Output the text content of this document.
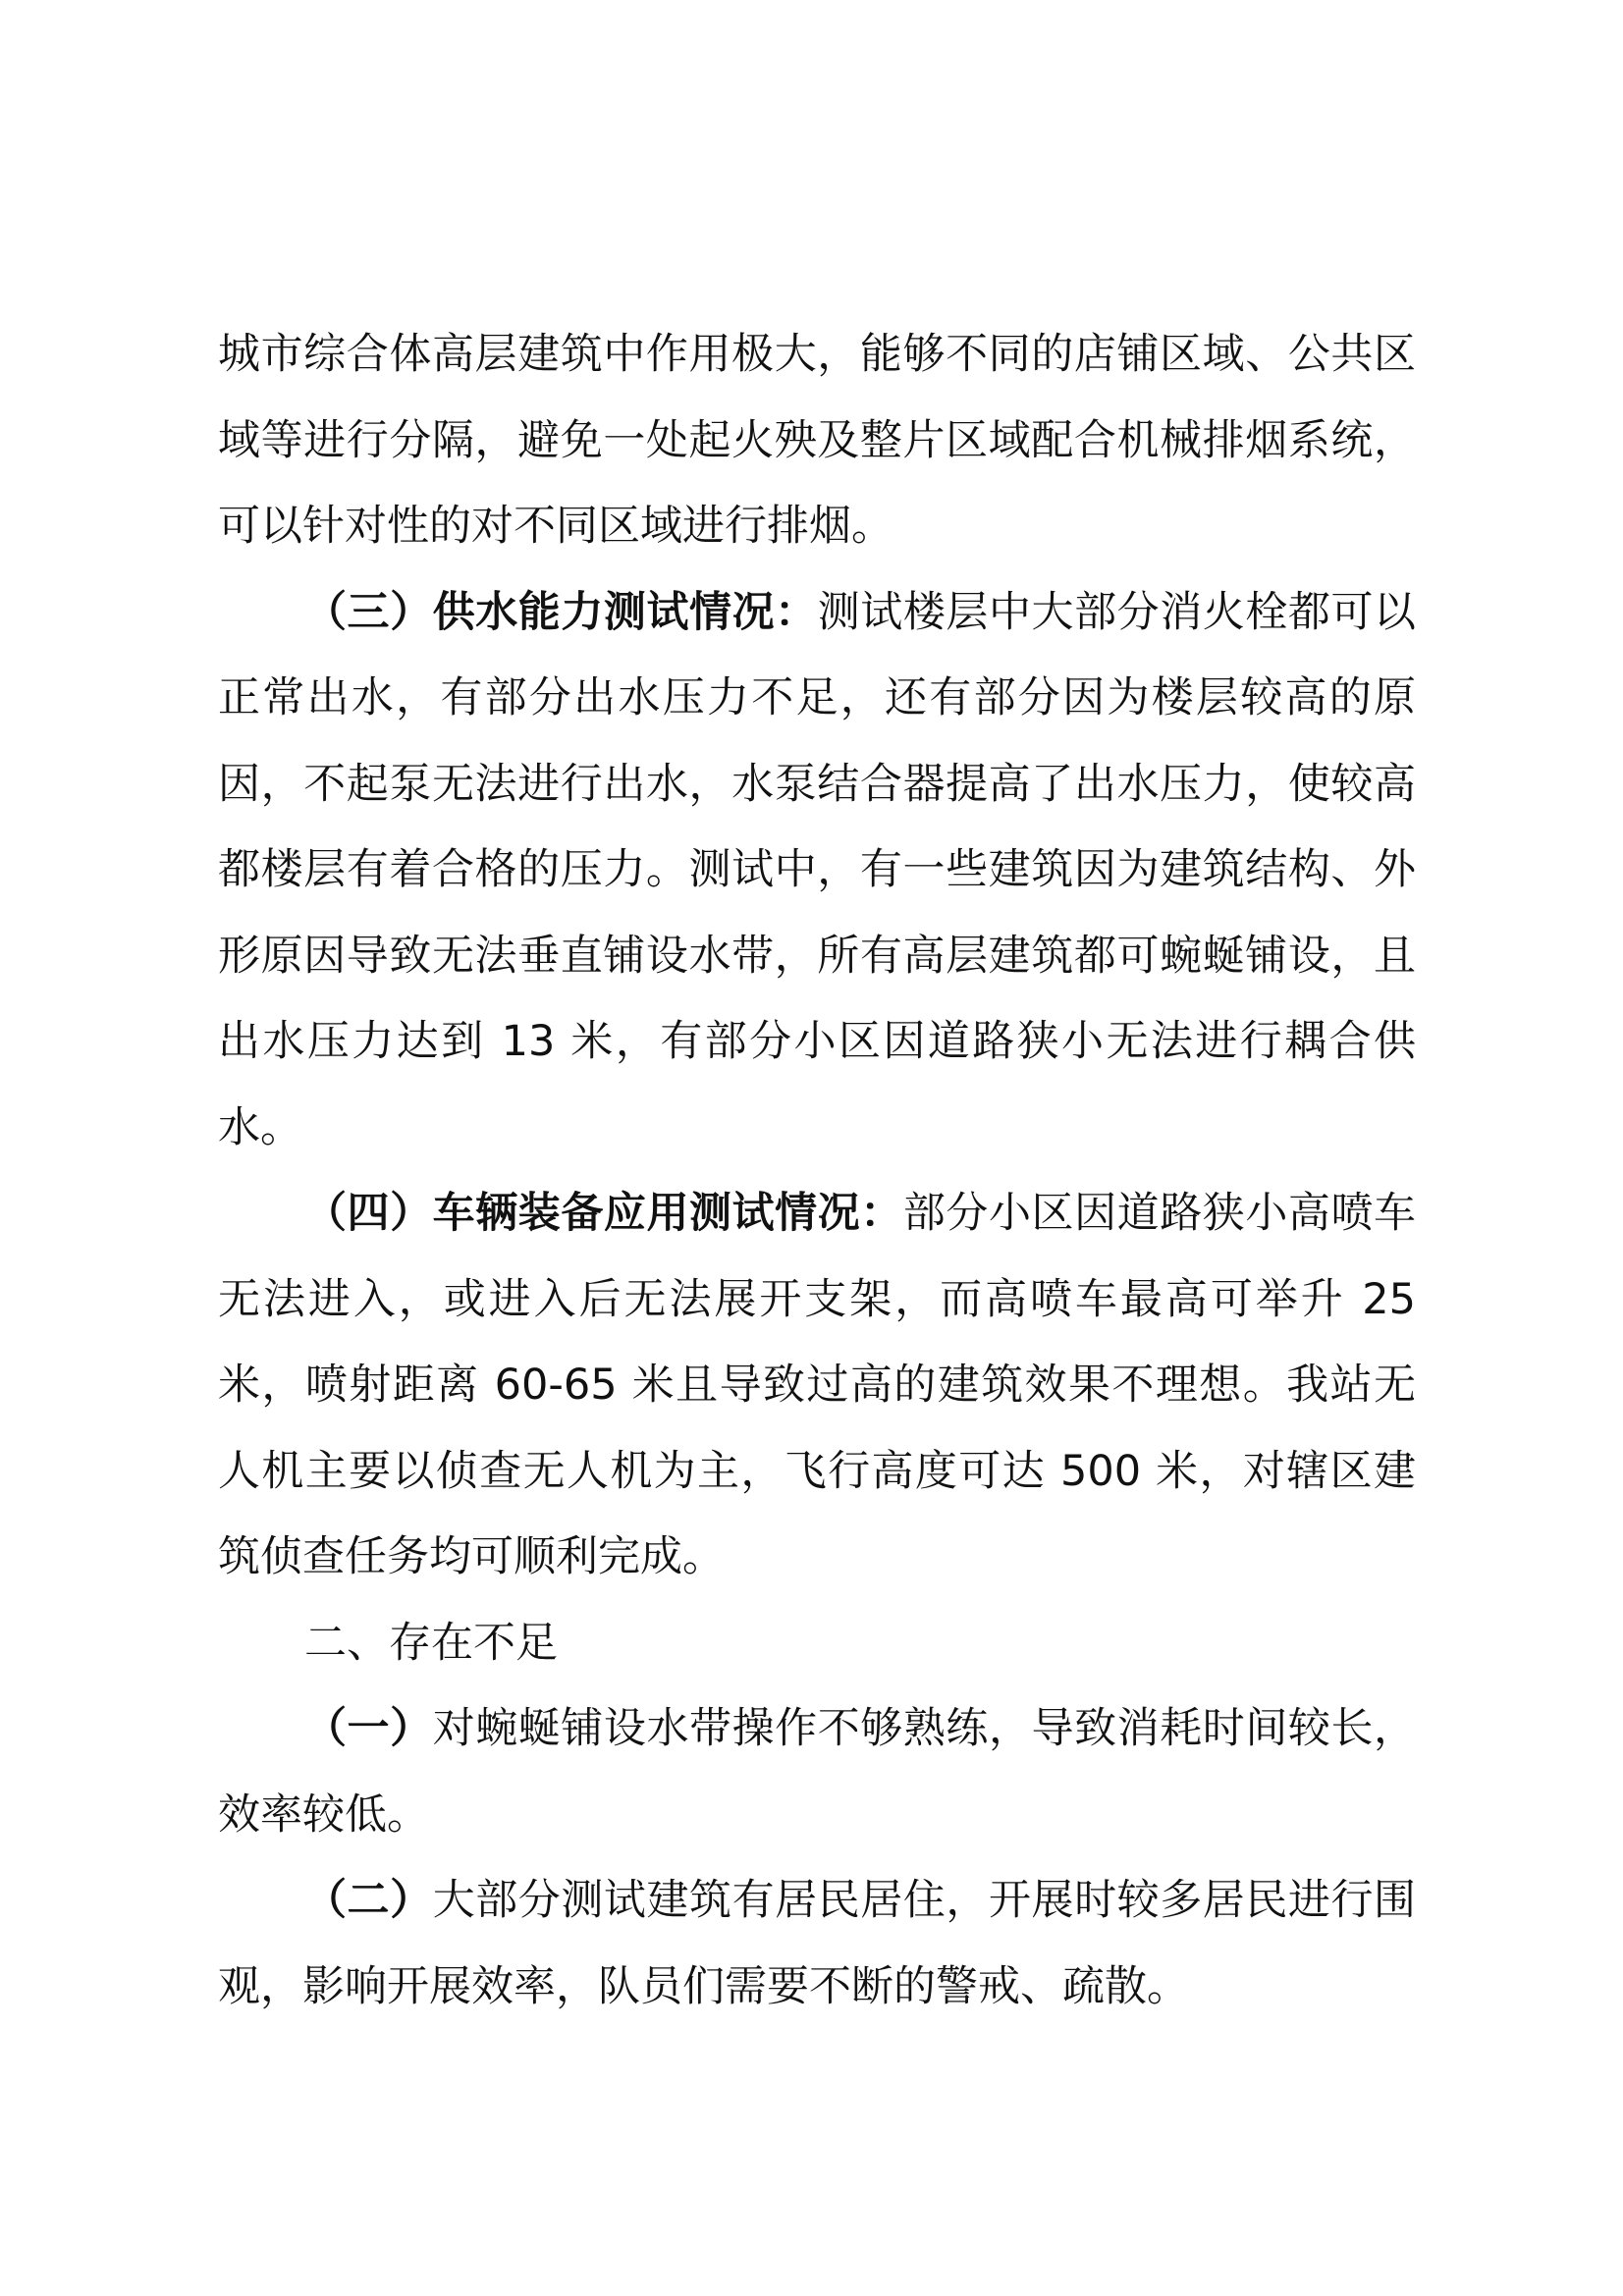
城市综合体高层建筑中作用极大，能够不同的店铺区域、公共区域等进行分隔，避免一处起火殃及整片区域配合机械排烟系统，可以针对性的对不同区域进行排烟。

（三）供水能力测试情况：测试楼层中大部分消火栓都可以正常出水，有部分出水压力不足，还有部分因为楼层较高的原因，不起泵无法进行出水，水泵结合器提高了出水压力，使较高都楼层有着合格的压力。测试中，有一些建筑因为建筑结构、外形原因导致无法垂直铺设水带，所有高层建筑都可蜿蜒铺设，且出水压力达到 13 米，有部分小区因道路狭小无法进行耦合供水。

（四）车辆装备应用测试情况：部分小区因道路狭小高喷车无法进入，或进入后无法展开支架，而高喷车最高可举升 25 米，喷射距离 60-65 米且导致过高的建筑效果不理想。我站无人机主要以侦查无人机为主，飞行高度可达 500 米，对辖区建筑侦查任务均可顺利完成。

二、存在不足

（一）对蜿蜒铺设水带操作不够熟练，导致消耗时间较长，效率较低。

（二）大部分测试建筑有居民居住，开展时较多居民进行围观，影响开展效率，队员们需要不断的警戒、疏散。
